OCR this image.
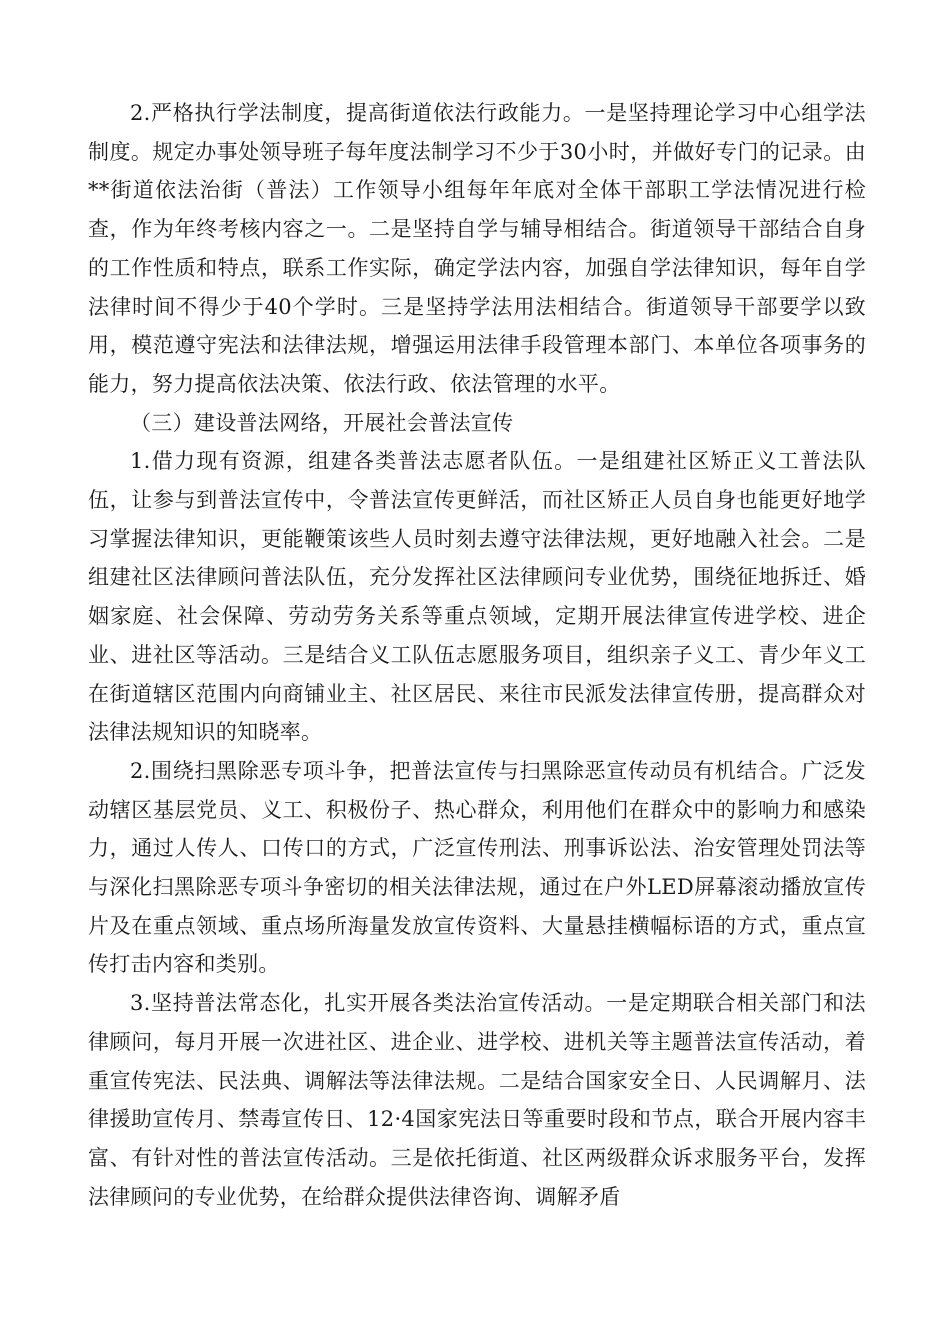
2.严格执行学法制度，提高街道依法行政能力。一是坚持理论学习中心组学法制度。规定办事处领导班子每年度法制学习不少于30小时，并做好专门的记录。由**街道依法治街（普法）工作领导小组每年年底对全体干部职工学法情况进行检查，作为年终考核内容之一。二是坚持自学与辅导相结合。街道领导干部结合自身的工作性质和特点，联系工作实际，确定学法内容，加强自学法律知识，每年自学法律时间不得少于40个学时。三是坚持学法用法相结合。街道领导干部要学以致用，模范遵守宪法和法律法规，增强运用法律手段管理本部门、本单位各项事务的能力，努力提高依法决策、依法行政、依法管理的水平。

（三）建设普法网络，开展社会普法宣传

1.借力现有资源，组建各类普法志愿者队伍。一是组建社区矫正义工普法队伍，让参与到普法宣传中，令普法宣传更鲜活，而社区矫正人员自身也能更好地学习掌握法律知识，更能鞭策该些人员时刻去遵守法律法规，更好地融入社会。二是组建社区法律顾问普法队伍，充分发挥社区法律顾问专业优势，围绕征地拆迁、婚姻家庭、社会保障、劳动劳务关系等重点领域，定期开展法律宣传进学校、进企业、进社区等活动。三是结合义工队伍志愿服务项目，组织亲子义工、青少年义工在街道辖区范围内向商铺业主、社区居民、来往市民派发法律宣传册，提高群众对法律法规知识的知晓率。

2.围绕扫黑除恶专项斗争，把普法宣传与扫黑除恶宣传动员有机结合。广泛发动辖区基层党员、义工、积极份子、热心群众，利用他们在群众中的影响力和感染力，通过人传人、口传口的方式，广泛宣传刑法、刑事诉讼法、治安管理处罚法等与深化扫黑除恶专项斗争密切的相关法律法规，通过在户外LED屏幕滚动播放宣传片及在重点领域、重点场所海量发放宣传资料、大量悬挂横幅标语的方式，重点宣传打击内容和类别。

3.坚持普法常态化，扎实开展各类法治宣传活动。一是定期联合相关部门和法律顾问，每月开展一次进社区、进企业、进学校、进机关等主题普法宣传活动，着重宣传宪法、民法典、调解法等法律法规。二是结合国家安全日、人民调解月、法律援助宣传月、禁毒宣传日、12·4国家宪法日等重要时段和节点，联合开展内容丰富、有针对性的普法宣传活动。三是依托街道、社区两级群众诉求服务平台，发挥法律顾问的专业优势，在给群众提供法律咨询、调解矛盾
